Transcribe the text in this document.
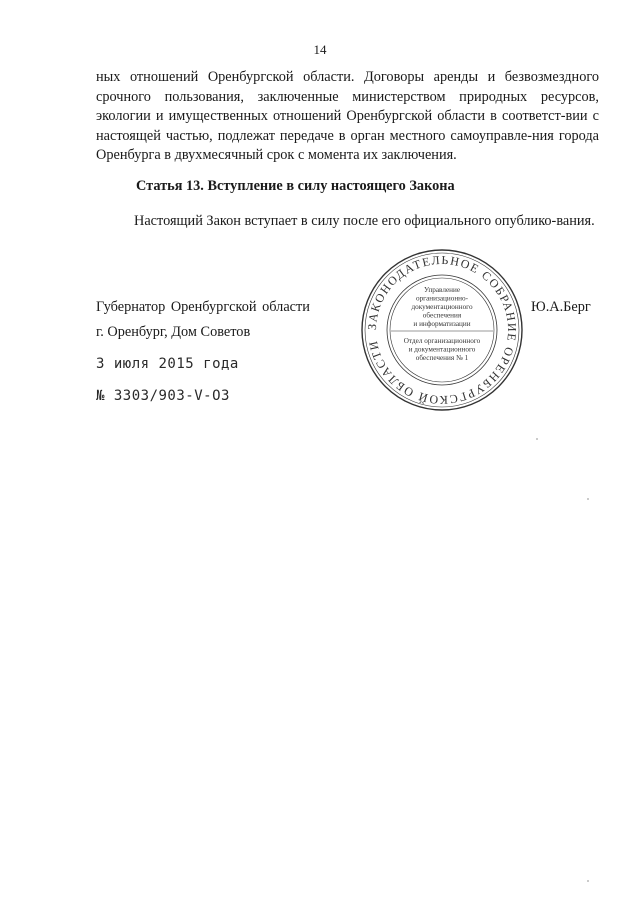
14
ных отношений Оренбургской области. Договоры аренды и безвозмездного срочного пользования, заключенные министерством природных ресурсов, экологии и имущественных отношений Оренбургской области в соответст-вии с настоящей частью, подлежат передаче в орган местного самоуправле-ния города Оренбурга в двухмесячный срок с момента их заключения.
Статья 13. Вступление в силу настоящего Закона
Настоящий Закон вступает в силу после его официального опублико-вания.
Губернатор Оренбургской области	Ю.А.Берг
г. Оренбург, Дом Советов
3 июля 2015 года
№ 3303/903-V-ОЗ
ЗАКОНОДАТЕЛЬНОЕ СОБРАНИЕ ОРЕНБУРГСКОЙ ОБЛАСТИ
Управление
организационно-
документационного
обеспечения
и информатизации
Отдел организационного
и документационного
обеспечения № 1
